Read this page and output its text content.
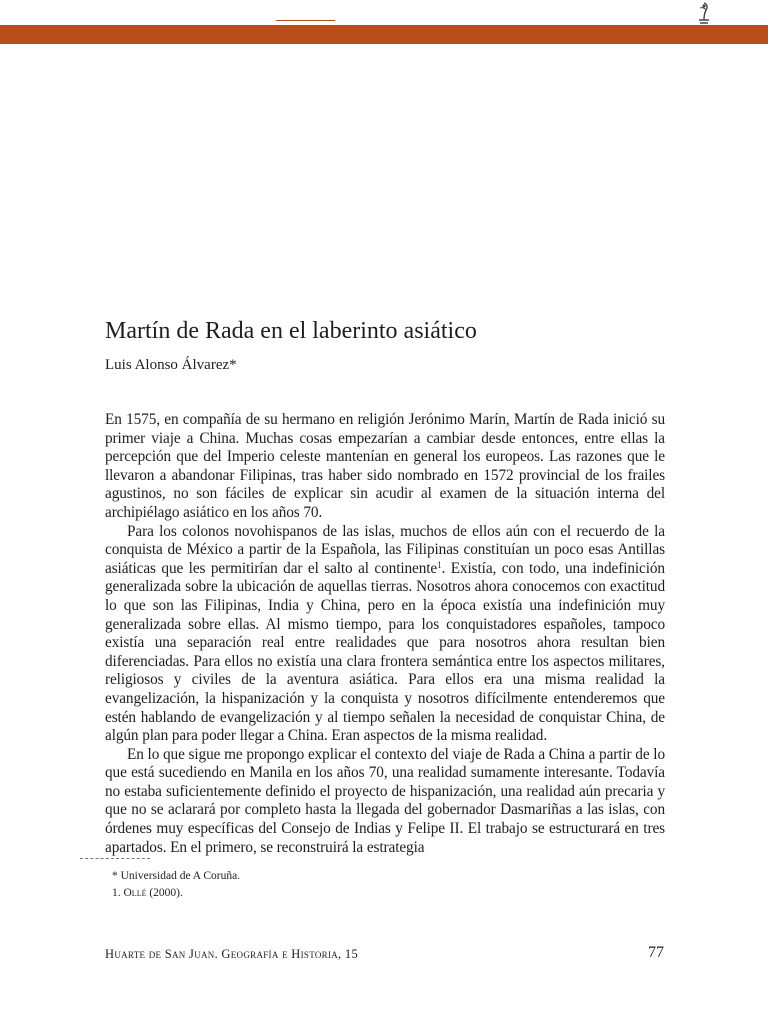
Martín de Rada en el laberinto asiático
Luis Alonso Álvarez*

En 1575, en compañía de su hermano en religión Jerónimo Marín, Martín de Rada inició su primer viaje a China. Muchas cosas empezarían a cambiar desde entonces, entre ellas la percepción que del Imperio celeste mantenían en general los europeos. Las razones que le llevaron a abandonar Filipinas, tras haber sido nombrado en 1572 provincial de los frailes agustinos, no son fáciles de explicar sin acudir al examen de la situación interna del archipiélago asiático en los años 70.

Para los colonos novohispanos de las islas, muchos de ellos aún con el recuerdo de la conquista de México a partir de la Española, las Filipinas constituían un poco esas Antillas asiáticas que les permitirían dar el salto al continente$^1$. Existía, con todo, una indefinición generalizada sobre la ubicación de aquellas tierras. Nosotros ahora conocemos con exactitud lo que son las Filipinas, India y China, pero en la época existía una indefinición muy generalizada sobre ellas. Al mismo tiempo, para los conquistadores españoles, tampoco existía una separación real entre realidades que para nosotros ahora resultan bien diferenciadas. Para ellos no existía una clara frontera semántica entre los aspectos militares, religiosos y civiles de la aventura asiática. Para ellos era una misma realidad la evangelización, la hispanización y la conquista y nosotros difícilmente entenderemos que estén hablando de evangelización y al tiempo señalen la necesidad de conquistar China, de algún plan para poder llegar a China. Eran aspectos de la misma realidad.

En lo que sigue me propongo explicar el contexto del viaje de Rada a China a partir de lo que está sucediendo en Manila en los años 70, una realidad sumamente interesante. Todavía no estaba suficientemente definido el proyecto de hispanización, una realidad aún precaria y que no se aclarará por completo hasta la llegada del gobernador Dasmariñas a las islas, con órdenes muy específicas del Consejo de Indias y Felipe II. El trabajo se estructurará en tres apartados. En el primero, se reconstruirá la estrategia

* Universidad de A Coruña.
1. Ollé (2000).
Huarte de San Juan. Geografía e Historia, 15	77
